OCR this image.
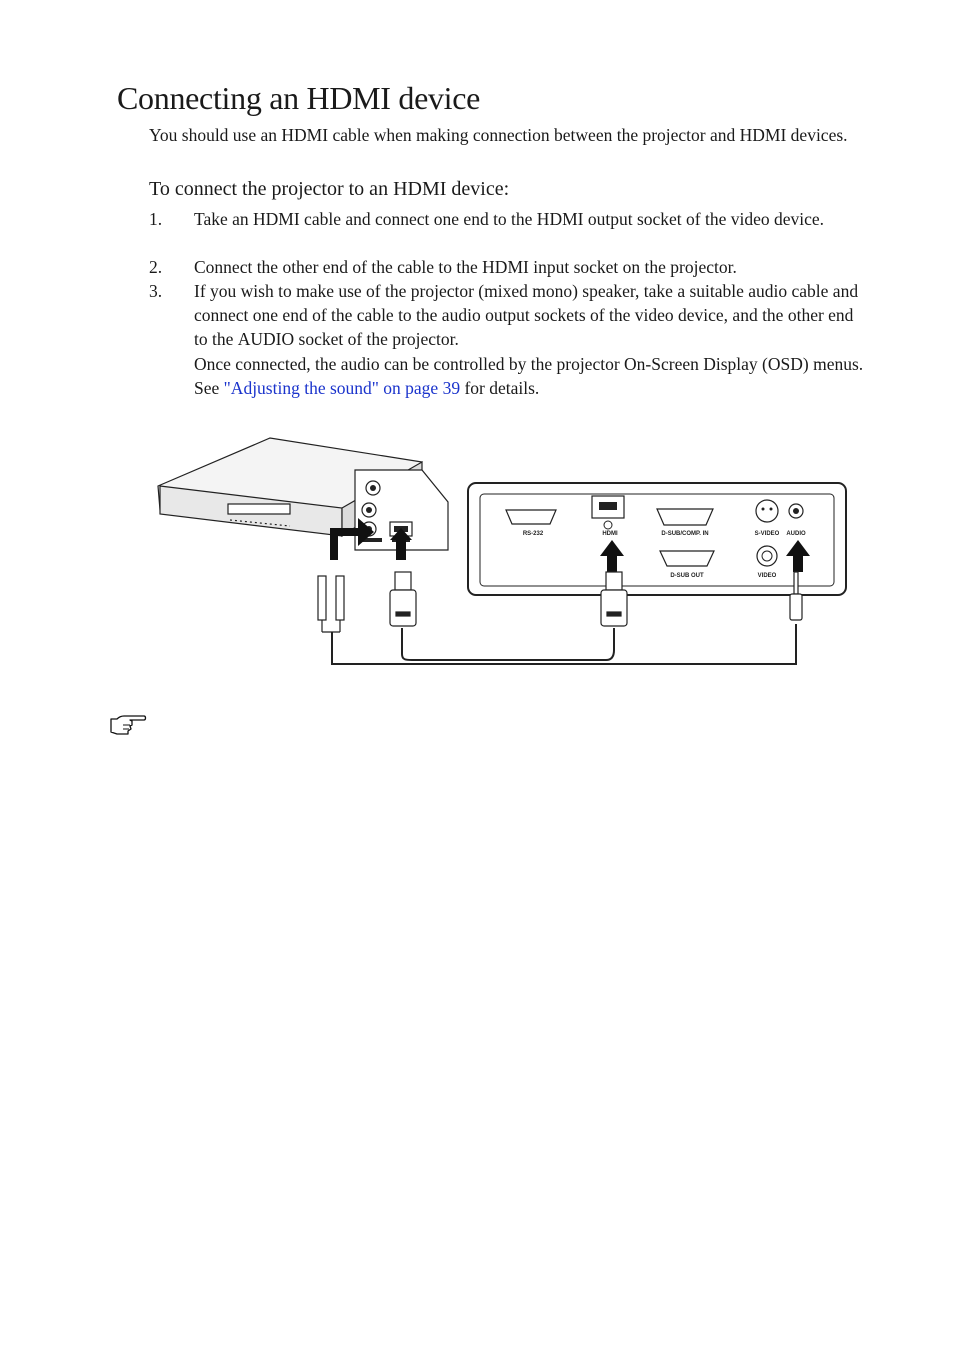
Connecting an HDMI device

You should use an HDMI cable when making connection between the projector and HDMI devices.

To connect the projector to an HDMI device:
1. Take an HDMI cable and connect one end to the HDMI output socket of the video device.
2. Connect the other end of the cable to the HDMI input socket on the projector.
3. If you wish to make use of the projector (mixed mono) speaker, take a suitable audio cable and connect one end of the cable to the audio output sockets of the video device, and the other end to the AUDIO socket of the projector.

Once connected, the audio can be controlled by the projector On-Screen Display (OSD) menus. See "Adjusting the sound" on page 39 for details.

RS-232	HDMI	D-SUB/COMP. IN
D-SUB OUT
S-VIDEO AUDIO
VIDEO
